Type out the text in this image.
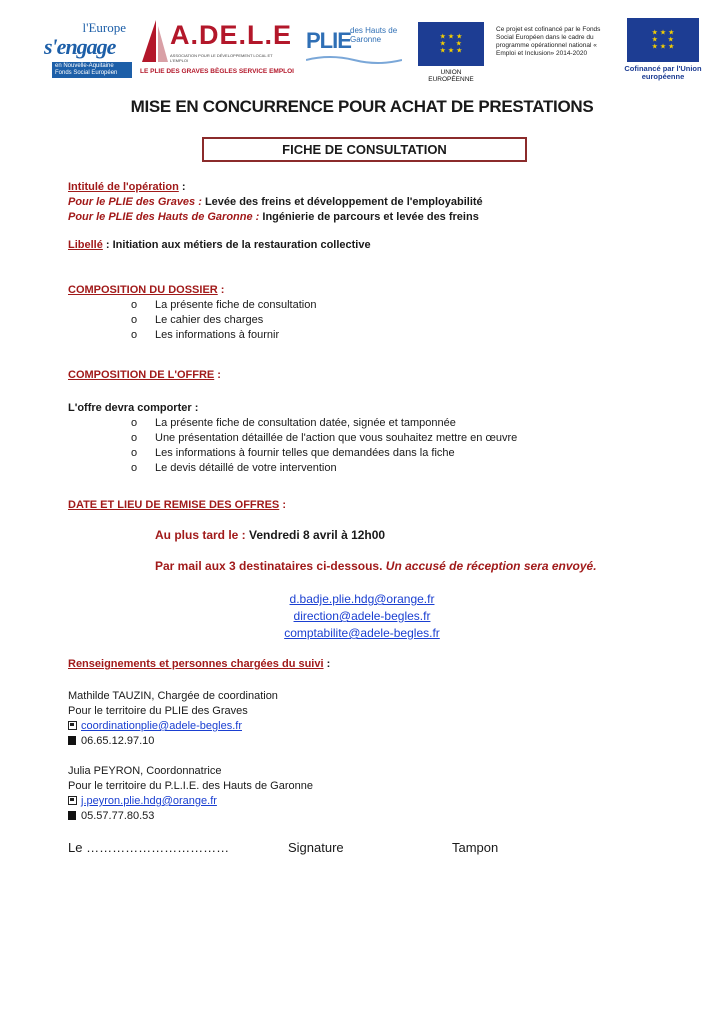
l'Europe
s'engage
en Nouvelle-Aquitaine Fonds Social Européen
A.DE.L.E
ASSOCIATION POUR LE DÉVELOPPEMENT LOCAL ET L'EMPLOI
LE PLIE DES GRAVES BÈGLES SERVICE EMPLOI
PLIE des Hauts de Garonne	★ ★ ★
★     ★
★ ★ ★
UNION EUROPÉENNE
Ce projet est cofinancé par le Fonds Social Européen dans le cadre du programme opérationnel national « Emploi et Inclusion» 2014-2020
★ ★ ★
★     ★
★ ★ ★
Cofinancé par l'Union européenne
MISE EN CONCURRENCE POUR ACHAT DE PRESTATIONS
FICHE DE CONSULTATION
Intitulé de l'opération :
Pour le PLIE des Graves : Levée des freins et développement de l'employabilité
Pour le PLIE des Hauts de Garonne : Ingénierie de parcours et levée des freins
Libellé : Initiation aux métiers de la restauration collective
COMPOSITION DU DOSSIER :
o La présente fiche de consultation
o Le cahier des charges
o Les informations à fournir
COMPOSITION DE L'OFFRE :
L'offre devra comporter :
o La présente fiche de consultation datée, signée et tamponnée
o Une présentation détaillée de l'action que vous souhaitez mettre en œuvre
o Les informations à fournir telles que demandées dans la fiche
o Le devis détaillé de votre intervention
DATE ET LIEU DE REMISE DES OFFRES :
Au plus tard le : Vendredi 8 avril à 12h00
Par mail aux 3 destinataires ci-dessous. Un accusé de réception sera envoyé.
d.badje.plie.hdg@orange.fr
direction@adele-begles.fr
comptabilite@adele-begles.fr
Renseignements et personnes chargées du suivi :
Mathilde TAUZIN, Chargée de coordination
Pour le territoire du PLIE des Graves
coordinationplie@adele-begles.fr
06.65.12.97.10
Julia PEYRON, Coordonnatrice
Pour le territoire du P.L.I.E. des Hauts de Garonne
j.peyron.plie.hdg@orange.fr
05.57.77.80.53
Le ……………………………	Signature	Tampon
